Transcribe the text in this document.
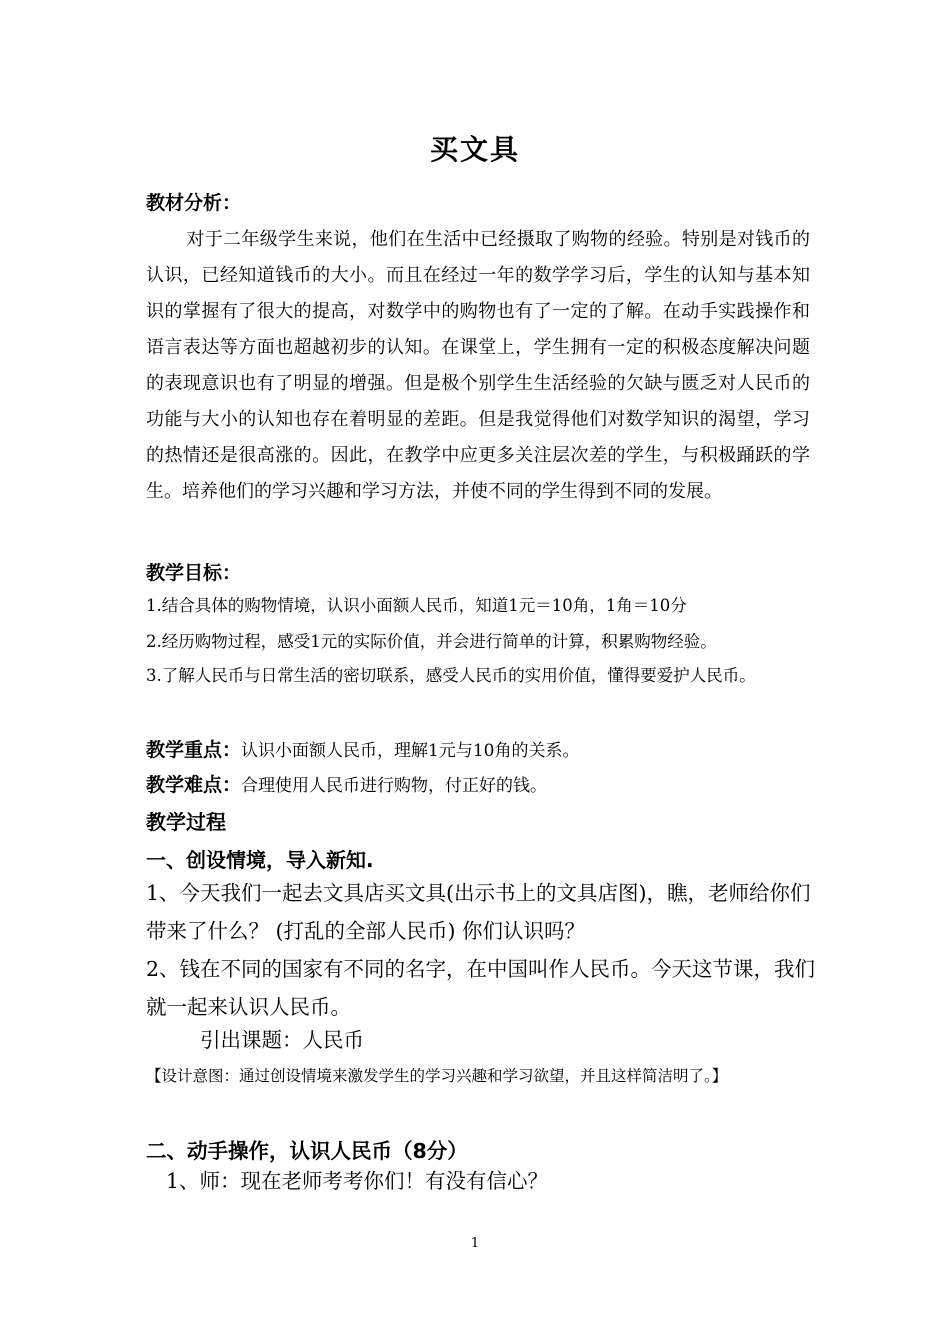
买文具
教材分析：
对于二年级学生来说，他们在生活中已经摄取了购物的经验。特别是对钱币的认识，已经知道钱币的大小。而且在经过一年的数学学习后，学生的认知与基本知识的掌握有了很大的提高，对数学中的购物也有了一定的了解。在动手实践操作和语言表达等方面也超越初步的认知。在课堂上，学生拥有一定的积极态度解决问题的表现意识也有了明显的增强。但是极个别学生生活经验的欠缺与匮乏对人民币的功能与大小的认知也存在着明显的差距。但是我觉得他们对数学知识的渴望，学习的热情还是很高涨的。因此，在教学中应更多关注层次差的学生，与积极踊跃的学生。培养他们的学习兴趣和学习方法，并使不同的学生得到不同的发展。
教学目标：
1.结合具体的购物情境，认识小面额人民币，知道1元＝10角，1角＝10分
2.经历购物过程，感受1元的实际价值，并会进行简单的计算，积累购物经验。
3.了解人民币与日常生活的密切联系，感受人民币的实用价值，懂得要爱护人民币。
教学重点：认识小面额人民币，理解1元与10角的关系。
教学难点：合理使用人民币进行购物，付正好的钱。
教学过程
一、创设情境，导入新知.
1、今天我们一起去文具店买文具(出示书上的文具店图)，瞧，老师给你们带来了什么？ (打乱的全部人民币) 你们认识吗？
2、钱在不同的国家有不同的名字，在中国叫作人民币。今天这节课，我们就一起来认识人民币。
引出课题：人民币
【设计意图：通过创设情境来激发学生的学习兴趣和学习欲望，并且这样简洁明了。】
二、动手操作，认识人民币（8分）
1、师：现在老师考考你们！有没有信心？
1
